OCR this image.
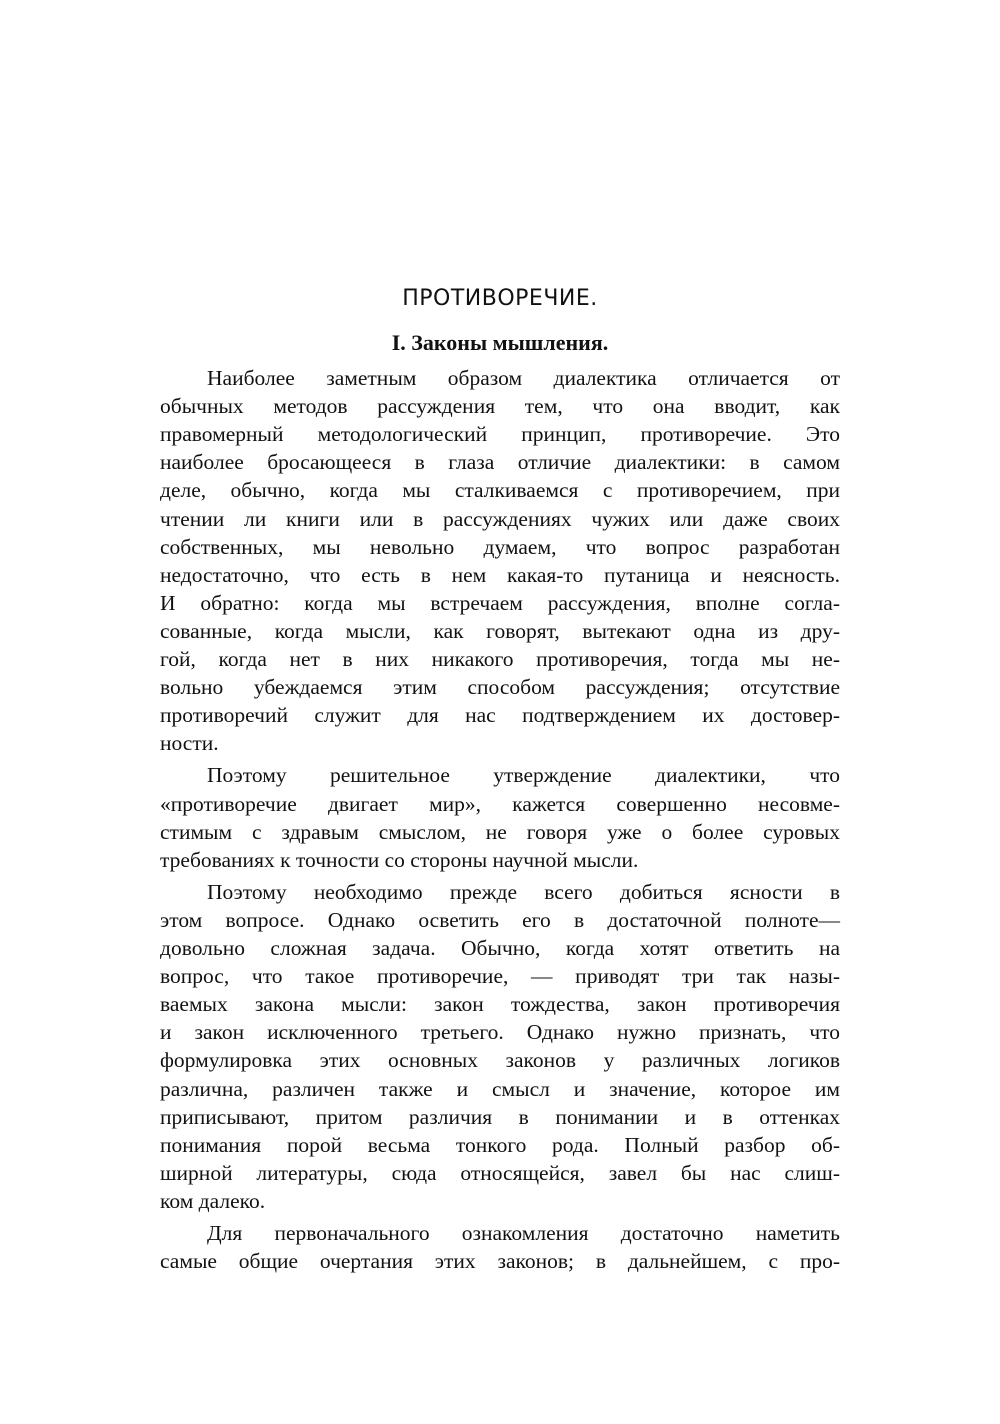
ПРОТИВОРЕЧИЕ.
I. Законы мышления.
Наиболее заметным образом диалектика отличается от
обычных методов рассуждения тем, что она вводит, как
правомерный методологический принцип, противоречие. Это
наиболее бросающееся в глаза отличие диалектики: в самом
деле, обычно, когда мы сталкиваемся с противоречием, при
чтении ли книги или в рассуждениях чужих или даже своих
собственных, мы невольно думаем, что вопрос разработан
недостаточно, что есть в нем какая-то путаница и неясность.
И обратно: когда мы встречаем рассуждения, вполне согла-
сованные, когда мысли, как говорят, вытекают одна из дру-
гой, когда нет в них никакого противоречия, тогда мы не-
вольно убеждаемся этим способом рассуждения; отсутствие
противоречий служит для нас подтверждением их достовер-
ности.
Поэтому решительное утверждение диалектики, что
«противоречие двигает мир», кажется совершенно несовме-
стимым с здравым смыслом, не говоря уже о более суровых
требованиях к точности со стороны научной мысли.
Поэтому необходимо прежде всего добиться ясности в
этом вопросе. Однако осветить его в достаточной полноте—
довольно сложная задача. Обычно, когда хотят ответить на
вопрос, что такое противоречие, — приводят три так назы-
ваемых закона мысли: закон тождества, закон противоречия
и закон исключенного третьего. Однако нужно признать, что
формулировка этих основных законов у различных логиков
различна, различен также и смысл и значение, которое им
приписывают, притом различия в понимании и в оттенках
понимания порой весьма тонкого рода. Полный разбор об-
ширной литературы, сюда относящейся, завел бы нас слиш-
ком далеко.
Для первоначального ознакомления достаточно наметить
самые общие очертания этих законов; в дальнейшем, с про-
